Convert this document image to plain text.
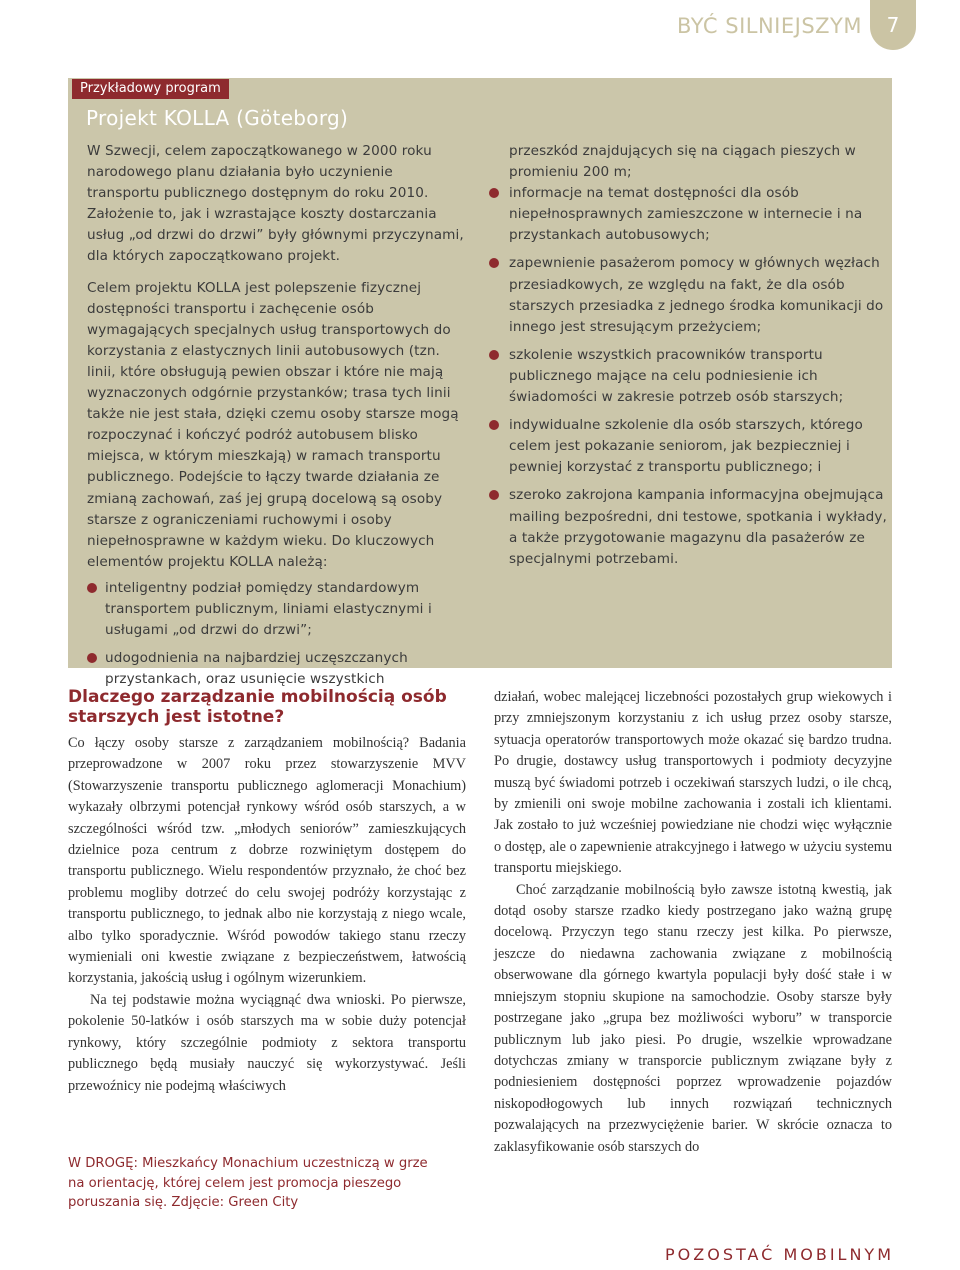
BYĆ SILNIEJSZYM	7
Przykładowy program
Projekt KOLLA (Göteborg)

W Szwecji, celem zapoczątkowanego w 2000 roku narodowego planu działania było uczynienie transportu publicznego dostępnym do roku 2010. Założenie to, jak i wzrastające koszty dostarczania usług „od drzwi do drzwi” były głównymi przyczynami, dla których zapoczątkowano projekt.

Celem projektu KOLLA jest polepszenie fizycznej dostępności transportu i zachęcenie osób wymagających specjalnych usług transportowych do korzystania z elastycznych linii autobusowych (tzn. linii, które obsługują pewien obszar i które nie mają wyznaczonych odgórnie przystanków; trasa tych linii także nie jest stała, dzięki czemu osoby starsze mogą rozpoczynać i kończyć podróż autobusem blisko miejsca, w którym mieszkają) w ramach transportu publicznego. Podejście to łączy twarde działania ze zmianą zachowań, zaś jej grupą docelową są osoby starsze z ograniczeniami ruchowymi i osoby niepełnosprawne w każdym wieku. Do kluczowych elementów projektu KOLLA należą:

inteligentny podział pomiędzy standardowym transportem publicznym, liniami elastycznymi i usługami „od drzwi do drzwi”;
udogodnienia na najbardziej uczęszczanych przystankach, oraz usunięcie wszystkich

przeszkód znajdujących się na ciągach pieszych w promieniu 200 m;

informacje na temat dostępności dla osób niepełnosprawnych zamieszczone w internecie i na przystankach autobusowych;
zapewnienie pasażerom pomocy w głównych węzłach przesiadkowych, ze względu na fakt, że dla osób starszych przesiadka z jednego środka komunikacji do innego jest stresującym przeżyciem;
szkolenie wszystkich pracowników transportu publicznego mające na celu podniesienie ich świadomości w zakresie potrzeb osób starszych;
indywidualne szkolenie dla osób starszych, którego celem jest pokazanie seniorom, jak bezpieczniej i pewniej korzystać z transportu publicznego; i
szeroko zakrojona kampania informacyjna obejmująca mailing bezpośredni, dni testowe, spotkania i wykłady, a także przygotowanie magazynu dla pasażerów ze specjalnymi potrzebami.
Dlaczego zarządzanie mobilnością osób starszych jest istotne?

Co łączy osoby starsze z zarządzaniem mobilnością? Badania przeprowadzone w 2007 roku przez stowarzyszenie MVV (Stowarzyszenie transportu publicznego aglomeracji Monachium) wykazały olbrzymi potencjał rynkowy wśród osób starszych, a w szczególności wśród tzw. „młodych seniorów” zamieszkujących dzielnice poza centrum z dobrze rozwiniętym dostępem do transportu publicznego. Wielu respondentów przyznało, że choć bez problemu mogliby dotrzeć do celu swojej podróży korzystając z transportu publicznego, to jednak albo nie korzystają z niego wcale, albo tylko sporadycznie. Wśród powodów takiego stanu rzeczy wymieniali oni kwestie związane z bezpieczeństwem, łatwością korzystania, jakością usług i ogólnym wizerunkiem.

Na tej podstawie można wyciągnąć dwa wnioski. Po pierwsze, pokolenie 50-latków i osób starszych ma w sobie duży potencjał rynkowy, który szczególnie podmioty z sektora transportu publicznego będą musiały nauczyć się wykorzystywać. Jeśli przewoźnicy nie podejmą właściwych

działań, wobec malejącej liczebności pozostałych grup wiekowych i przy zmniejszonym korzystaniu z ich usług przez osoby starsze, sytuacja operatorów transportowych może okazać się bardzo trudna. Po drugie, dostawcy usług transportowych i podmioty decyzyjne muszą być świadomi potrzeb i oczekiwań starszych ludzi, o ile chcą, by zmienili oni swoje mobilne zachowania i zostali ich klientami. Jak zostało to już wcześniej powiedziane nie chodzi więc wyłącznie o dostęp, ale o zapewnienie atrakcyjnego i łatwego w użyciu systemu transportu miejskiego.

Choć zarządzanie mobilnością było zawsze istotną kwestią, jak dotąd osoby starsze rzadko kiedy postrzegano jako ważną grupę docelową. Przyczyn tego stanu rzeczy jest kilka. Po pierwsze, jeszcze do niedawna zachowania związane z mobilnością obserwowane dla górnego kwartyla populacji były dość stałe i w mniejszym stopniu skupione na samochodzie. Osoby starsze były postrzegane jako „grupa bez możliwości wyboru” w transporcie publicznym lub jako piesi. Po drugie, wszelkie wprowadzane dotychczas zmiany w transporcie publicznym związane były z podniesieniem dostępności poprzez wprowadzenie pojazdów niskopodłogowych lub innych rozwiązań technicznych pozwalających na przezwyciężenie barier. W skrócie oznacza to zaklasyfikowanie osób starszych do

W DROGĘ: Mieszkańcy Monachium uczestniczą w grze na orientację, której celem jest promocja pieszego poruszania się. Zdjęcie: Green City
POZOSTAĆ MOBILNYM
